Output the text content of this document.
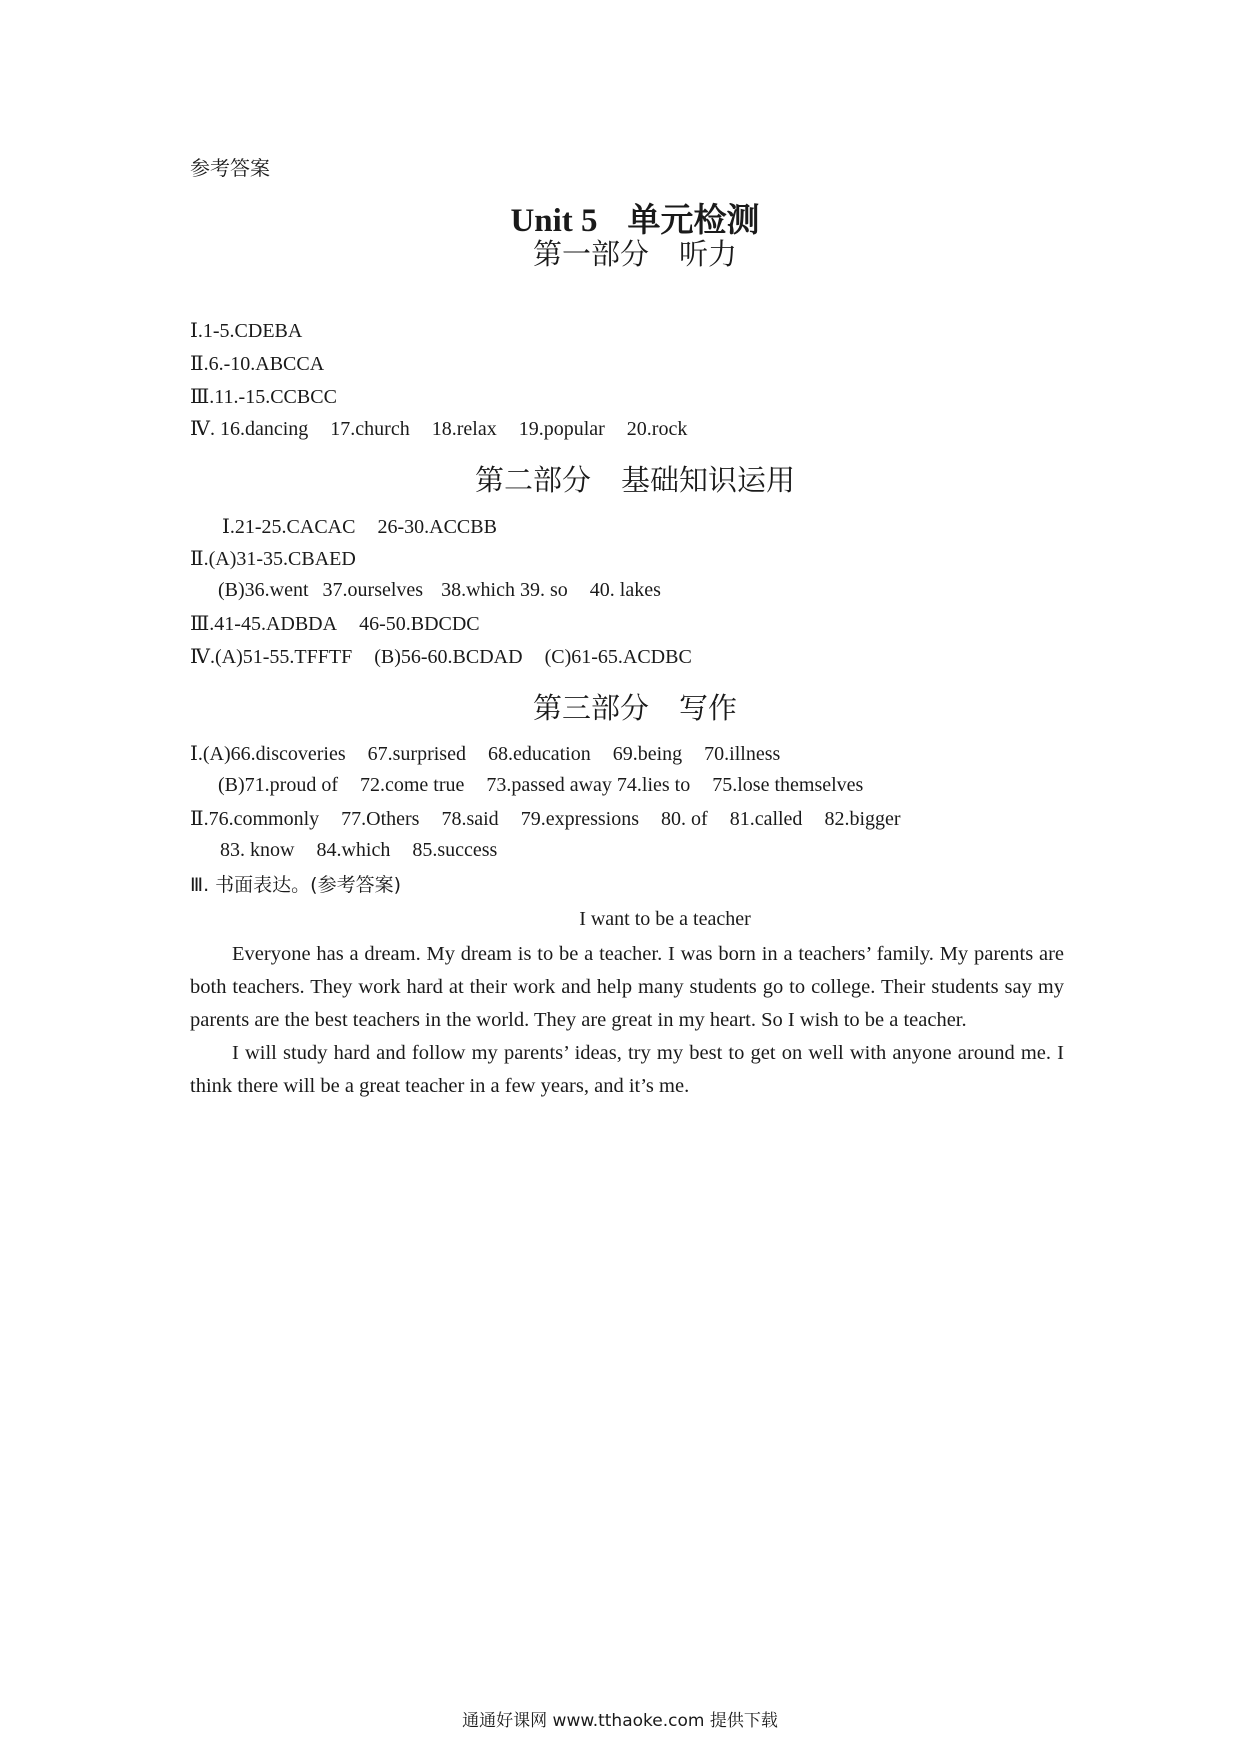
参考答案
Unit 5 单元检测
第一部分 听力
Ⅰ.1-5.CDEBA
Ⅱ.6.-10.ABCCA
Ⅲ.11.-15.CCBCC
Ⅳ. 16.dancing 17.church 18.relax 19.popular 20.rock
第二部分 基础知识运用
Ⅰ.21-25.CACAC 26-30.ACCBB
Ⅱ.(A)31-35.CBAED
(B)36.went 37.ourselves 38.which 39. so 40. lakes
Ⅲ.41-45.ADBDA 46-50.BDCDC
Ⅳ.(A)51-55.TFFTF (B)56-60.BCDAD (C)61-65.ACDBC
第三部分 写作
Ⅰ.(A)66.discoveries 67.surprised 68.education 69.being 70.illness
(B)71.proud of 72.come true 73.passed away 74.lies to 75.lose themselves
Ⅱ.76.commonly 77.Others 78.said 79.expressions 80. of 81.called 82.bigger
83. know 84.which 85.success
Ⅲ. 书面表达。(参考答案)
I want to be a teacher

Everyone has a dream. My dream is to be a teacher. I was born in a teachers’ family. My parents are both teachers. They work hard at their work and help many students go to college. Their students say my parents are the best teachers in the world. They are great in my heart. So I wish to be a teacher.

I will study hard and follow my parents’ ideas, try my best to get on well with anyone around me. I think there will be a great teacher in a few years, and it’s me.

通通好课网 www.tthaoke.com 提供下载
